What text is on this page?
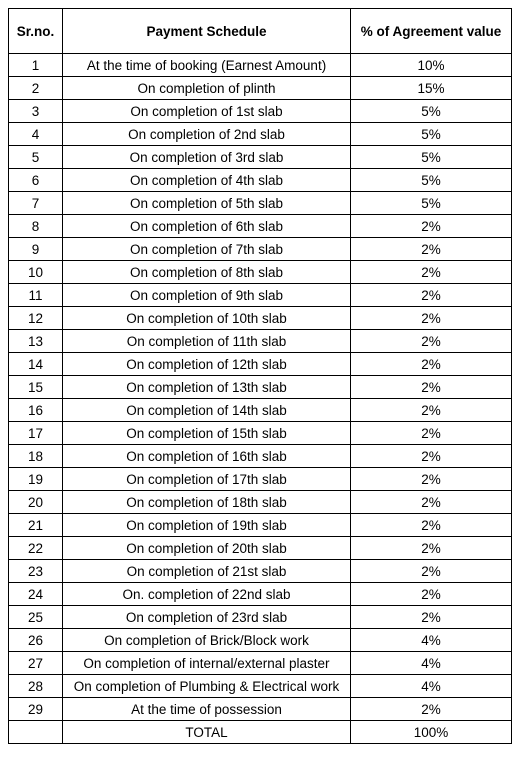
Sr.no.	Payment Schedule	% of Agreement value
1	At the time of booking (Earnest Amount)	10%
2	On completion of plinth	15%
3	On completion of 1st slab	5%
4	On completion of 2nd slab	5%
5	On completion of 3rd slab	5%
6	On completion of 4th slab	5%
7	On completion of 5th slab	5%
8	On completion of 6th slab	2%
9	On completion of 7th slab	2%
10	On completion of 8th slab	2%
11	On completion of 9th slab	2%
12	On completion of 10th slab	2%
13	On completion of 11th slab	2%
14	On completion of 12th slab	2%
15	On completion of 13th slab	2%
16	On completion of 14th slab	2%
17	On completion of 15th slab	2%
18	On completion of 16th slab	2%
19	On completion of 17th slab	2%
20	On completion of 18th slab	2%
21	On completion of 19th slab	2%
22	On completion of 20th slab	2%
23	On completion of 21st slab	2%
24	On. completion of 22nd slab	2%
25	On completion of 23rd slab	2%
26	On completion of Brick/Block work	4%
27	On completion of internal/external plaster	4%
28	On completion of Plumbing & Electrical work	4%
29	At the time of possession	2%
	TOTAL	100%
